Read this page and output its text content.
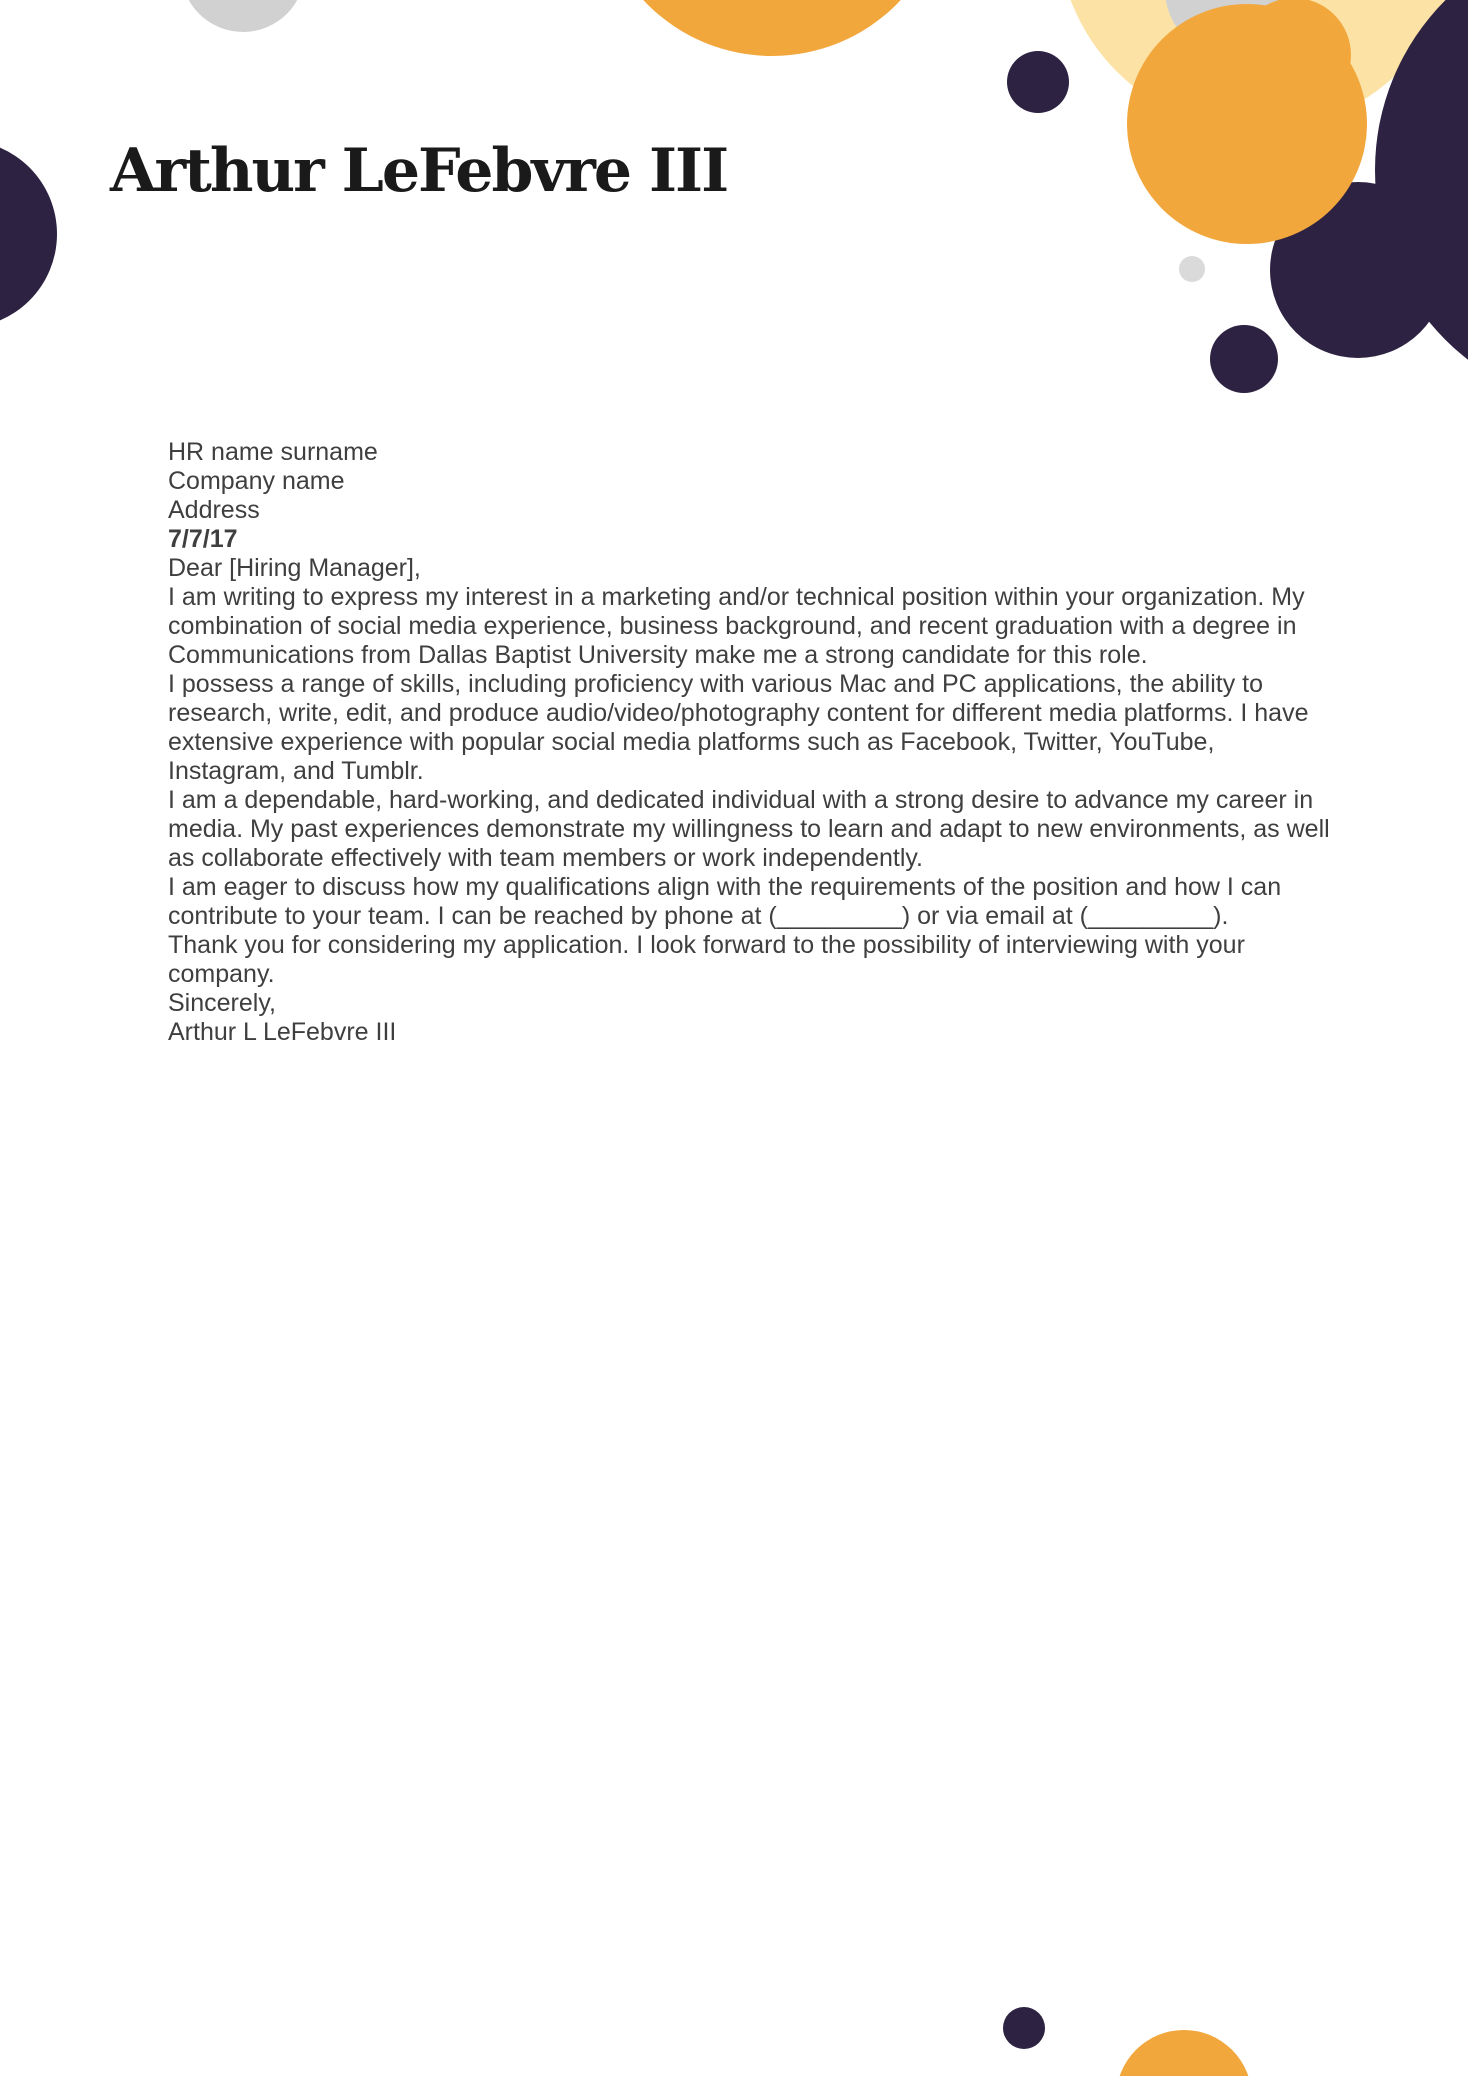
Arthur LeFebvre III
HR name surname
Company name
Address
7/7/17
Dear [Hiring Manager],

I am writing to express my interest in a marketing and/or technical position within your organization. My combination of social media experience, business background, and recent graduation with a degree in Communications from Dallas Baptist University make me a strong candidate for this role.

I possess a range of skills, including proficiency with various Mac and PC applications, the ability to research, write, edit, and produce audio/video/photography content for different media platforms. I have extensive experience with popular social media platforms such as Facebook, Twitter, YouTube, Instagram, and Tumblr.

I am a dependable, hard-working, and dedicated individual with a strong desire to advance my career in media. My past experiences demonstrate my willingness to learn and adapt to new environments, as well as collaborate effectively with team members or work independently.

I am eager to discuss how my qualifications align with the requirements of the position and how I can contribute to your team. I can be reached by phone at (_________) or via email at (_________).

Thank you for considering my application. I look forward to the possibility of interviewing with your company.

Sincerely,
Arthur L LeFebvre III
